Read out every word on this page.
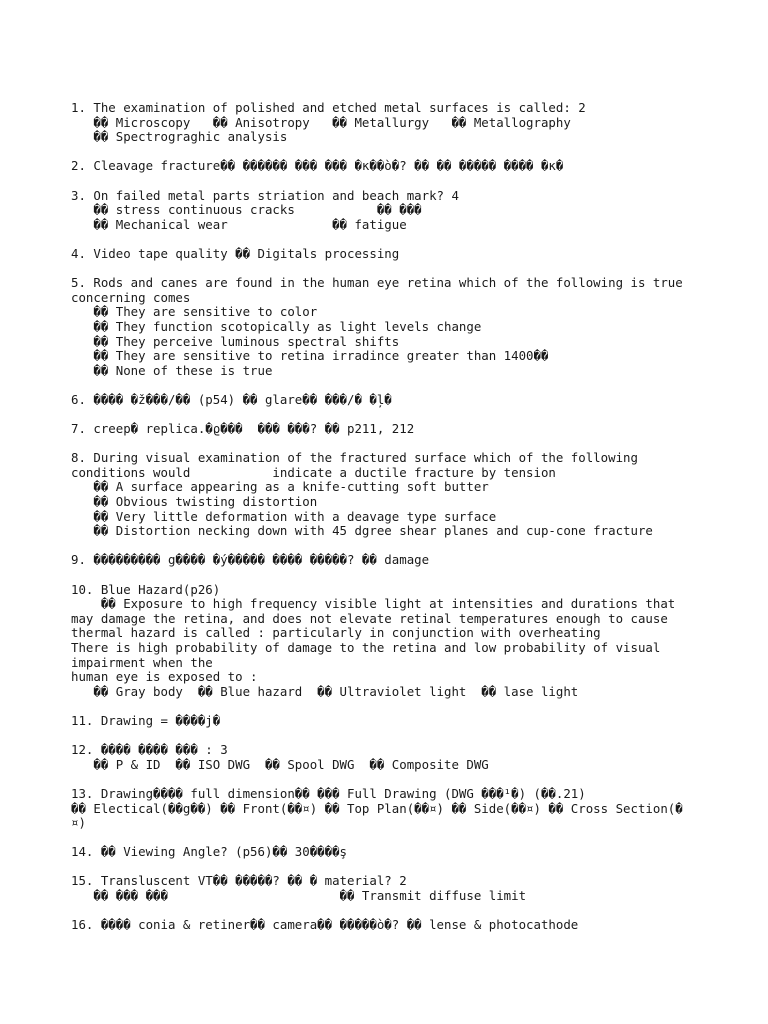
1. The examination of polished and etched metal surfaces is called: 2
�� Microscopy   �� Anisotropy   �� Metallurgy   �� Metallography
�� Spectrograghic analysis
2. Cleavage fracture�� ������ ��� ��� �κ��ò�? �� �� ����� ���� �κ�
3. On failed metal parts striation and beach mark? 4
�� stress continuous cracks           �� ���
�� Mechanical wear              �� fatigue
4. Video tape quality �� Digitals processing
5. Rods and canes are found in the human eye retina which of the following is true
concerning comes
�� They are sensitive to color
�� They function scotopically as light levels change
�� They perceive luminous spectral shifts
�� They are sensitive to retina irradince greater than 1400��
�� None of these is true
6. ���� �ž���/�� (p54) �� glare�� ���/� �ļ�
7. creep� replica.�ϱ���  ��� ���? �� p211, 212
8. During visual examination of the fractured surface which of the following
conditions would           indicate a ductile fracture by tension
�� A surface appearing as a knife-cutting soft butter
�� Obvious twisting distortion
�� Very little deformation with a deavage type surface
�� Distortion necking down with 45 dgree shear planes and cup-cone fracture
9. ��������� g���� �ý����� ���� �����? �� damage
10. Blue Hazard(p26)
�� Exposure to high frequency visible light at intensities and durations that
may damage the retina, and does not elevate retinal temperatures enough to cause
thermal hazard is called : particularly in conjunction with overheating
There is high probability of damage to the retina and low probability of visual
impairment when the
human eye is exposed to :
�� Gray body  �� Blue hazard  �� Ultraviolet light  �� lase light
11. Drawing = ����j�
12. ���� ���� ��� : 3
�� P & ID  �� ISO DWG  �� Spool DWG  �� Composite DWG
13. Drawing���� full dimension�� ��� Full Drawing (DWG ���¹�) (��.21)
�� Electical(��g��) �� Front(��¤) �� Top Plan(��¤) �� Side(��¤) �� Cross Section(�
¤)
14. �� Viewing Angle? (p56)�� 30����ş
15. Transluscent VT�� �����? �� � material? 2
�� ��� ���                       �� Transmit diffuse limit
16. ���� conia & retiner�� camera�� �����ò�? �� lense & photocathode
